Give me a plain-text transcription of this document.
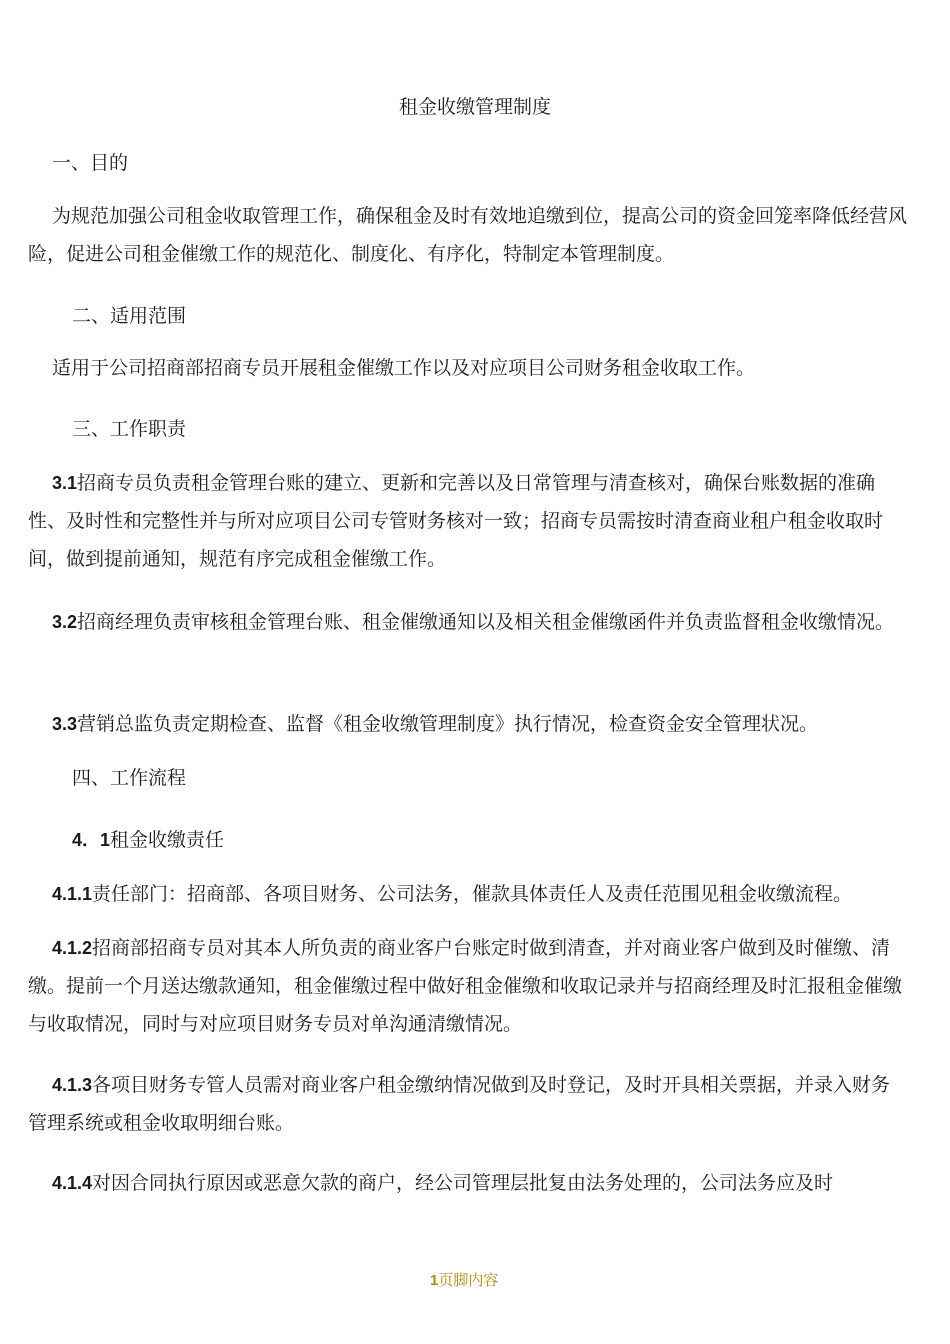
租金收缴管理制度
一、目的
为规范加强公司租金收取管理工作，确保租金及时有效地追缴到位，提高公司的资金回笼率降低经营风险，促进公司租金催缴工作的规范化、制度化、有序化，特制定本管理制度。
二、适用范围
适用于公司招商部招商专员开展租金催缴工作以及对应项目公司财务租金收取工作。
三、工作职责
3.1招商专员负责租金管理台账的建立、更新和完善以及日常管理与清查核对，确保台账数据的准确性、及时性和完整性并与所对应项目公司专管财务核对一致；招商专员需按时清查商业租户租金收取时间，做到提前通知，规范有序完成租金催缴工作。
3.2招商经理负责审核租金管理台账、租金催缴通知以及相关租金催缴函件并负责监督租金收缴情况。
3.3营销总监负责定期检查、监督《租金收缴管理制度》执行情况，检查资金安全管理状况。
四、工作流程
4．1租金收缴责任
4.1.1责任部门：招商部、各项目财务、公司法务，催款具体责任人及责任范围见租金收缴流程。
4.1.2招商部招商专员对其本人所负责的商业客户台账定时做到清查，并对商业客户做到及时催缴、清缴。提前一个月送达缴款通知，租金催缴过程中做好租金催缴和收取记录并与招商经理及时汇报租金催缴与收取情况，同时与对应项目财务专员对单沟通清缴情况。
4.1.3各项目财务专管人员需对商业客户租金缴纳情况做到及时登记，及时开具相关票据，并录入财务管理系统或租金收取明细台账。
4.1.4对因合同执行原因或恶意欠款的商户，经公司管理层批复由法务处理的，公司法务应及时
1页脚内容
